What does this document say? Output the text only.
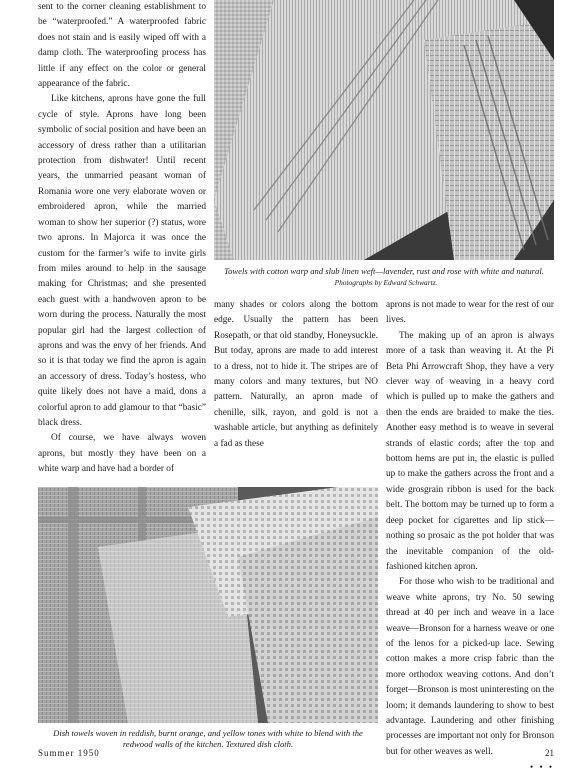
sent to the corner cleaning establishment to be “waterproofed.” A waterproofed fabric does not stain and is easily wiped off with a damp cloth. The waterproofing process has little if any effect on the color or general appearance of the fabric.

Like kitchens, aprons have gone the full cycle of style. Aprons have long been symbolic of social position and have been an accessory of dress rather than a utilitarian protection from dishwater! Until recent years, the unmarried peasant woman of Romania wore one very elaborate woven or embroidered apron, while the married woman to show her superior (?) status, wore two aprons. In Majorca it was once the custom for the farmer’s wife to invite girls from miles around to help in the sausage making for Christmas; and she presented each guest with a handwoven apron to be worn during the process. Naturally the most popular girl had the largest collection of aprons and was the envy of her friends. And so it is that today we find the apron is again an accessory of dress. Today’s hostess, who quite likely does not have a maid, dons a colorful apron to add glamour to that “basic” black dress.

Of course, we have always woven aprons, but mostly they have been on a white warp and have had a border of

Towels with cotton warp and slub linen weft—lavender, rust and rose with white and natural. Photographs by Edward Schwartz.

many shades or colors along the bottom edge. Usually the pattern has been Rosepath, or that old standby, Honeysuckle. But today, aprons are made to add interest to a dress, not to hide it. The stripes are of many colors and many textures, but NO pattern. Naturally, an apron made of chenille, silk, rayon, and gold is not a washable article, but anything as definitely a fad as these

aprons is not made to wear for the rest of our lives.

The making up of an apron is always more of a task than weaving it. At the Pi Beta Phi Arrowcraft Shop, they have a very clever way of weaving in a heavy cord which is pulled up to make the gathers and then the ends are braided to make the ties. Another easy method is to weave in several strands of elastic cords; after the top and bottom hems are put in, the elastic is pulled up to make the gathers across the front and a wide grosgrain ribbon is used for the back belt. The bottom may be turned up to form a deep pocket for cigarettes and lip stick—nothing so prosaic as the pot holder that was the inevitable companion of the old-fashioned kitchen apron.

For those who wish to be traditional and weave white aprons, try No. 50 sewing thread at 40 per inch and weave in a lace weave—Bronson for a harness weave or one of the lenos for a picked-up lace. Sewing cotton makes a more crisp fabric than the more orthodox weaving cottons. And don’t forget—Bronson is most uninteresting on the loom; it demands laundering to show to best advantage. Laundering and other finishing processes are important not only for Bronson but for other weaves as well.

• • •
Dish towels woven in reddish, burnt orange, and yellow tones with white to blend with the redwood walls of the kitchen. Textured dish cloth.
Summer 1950	21
